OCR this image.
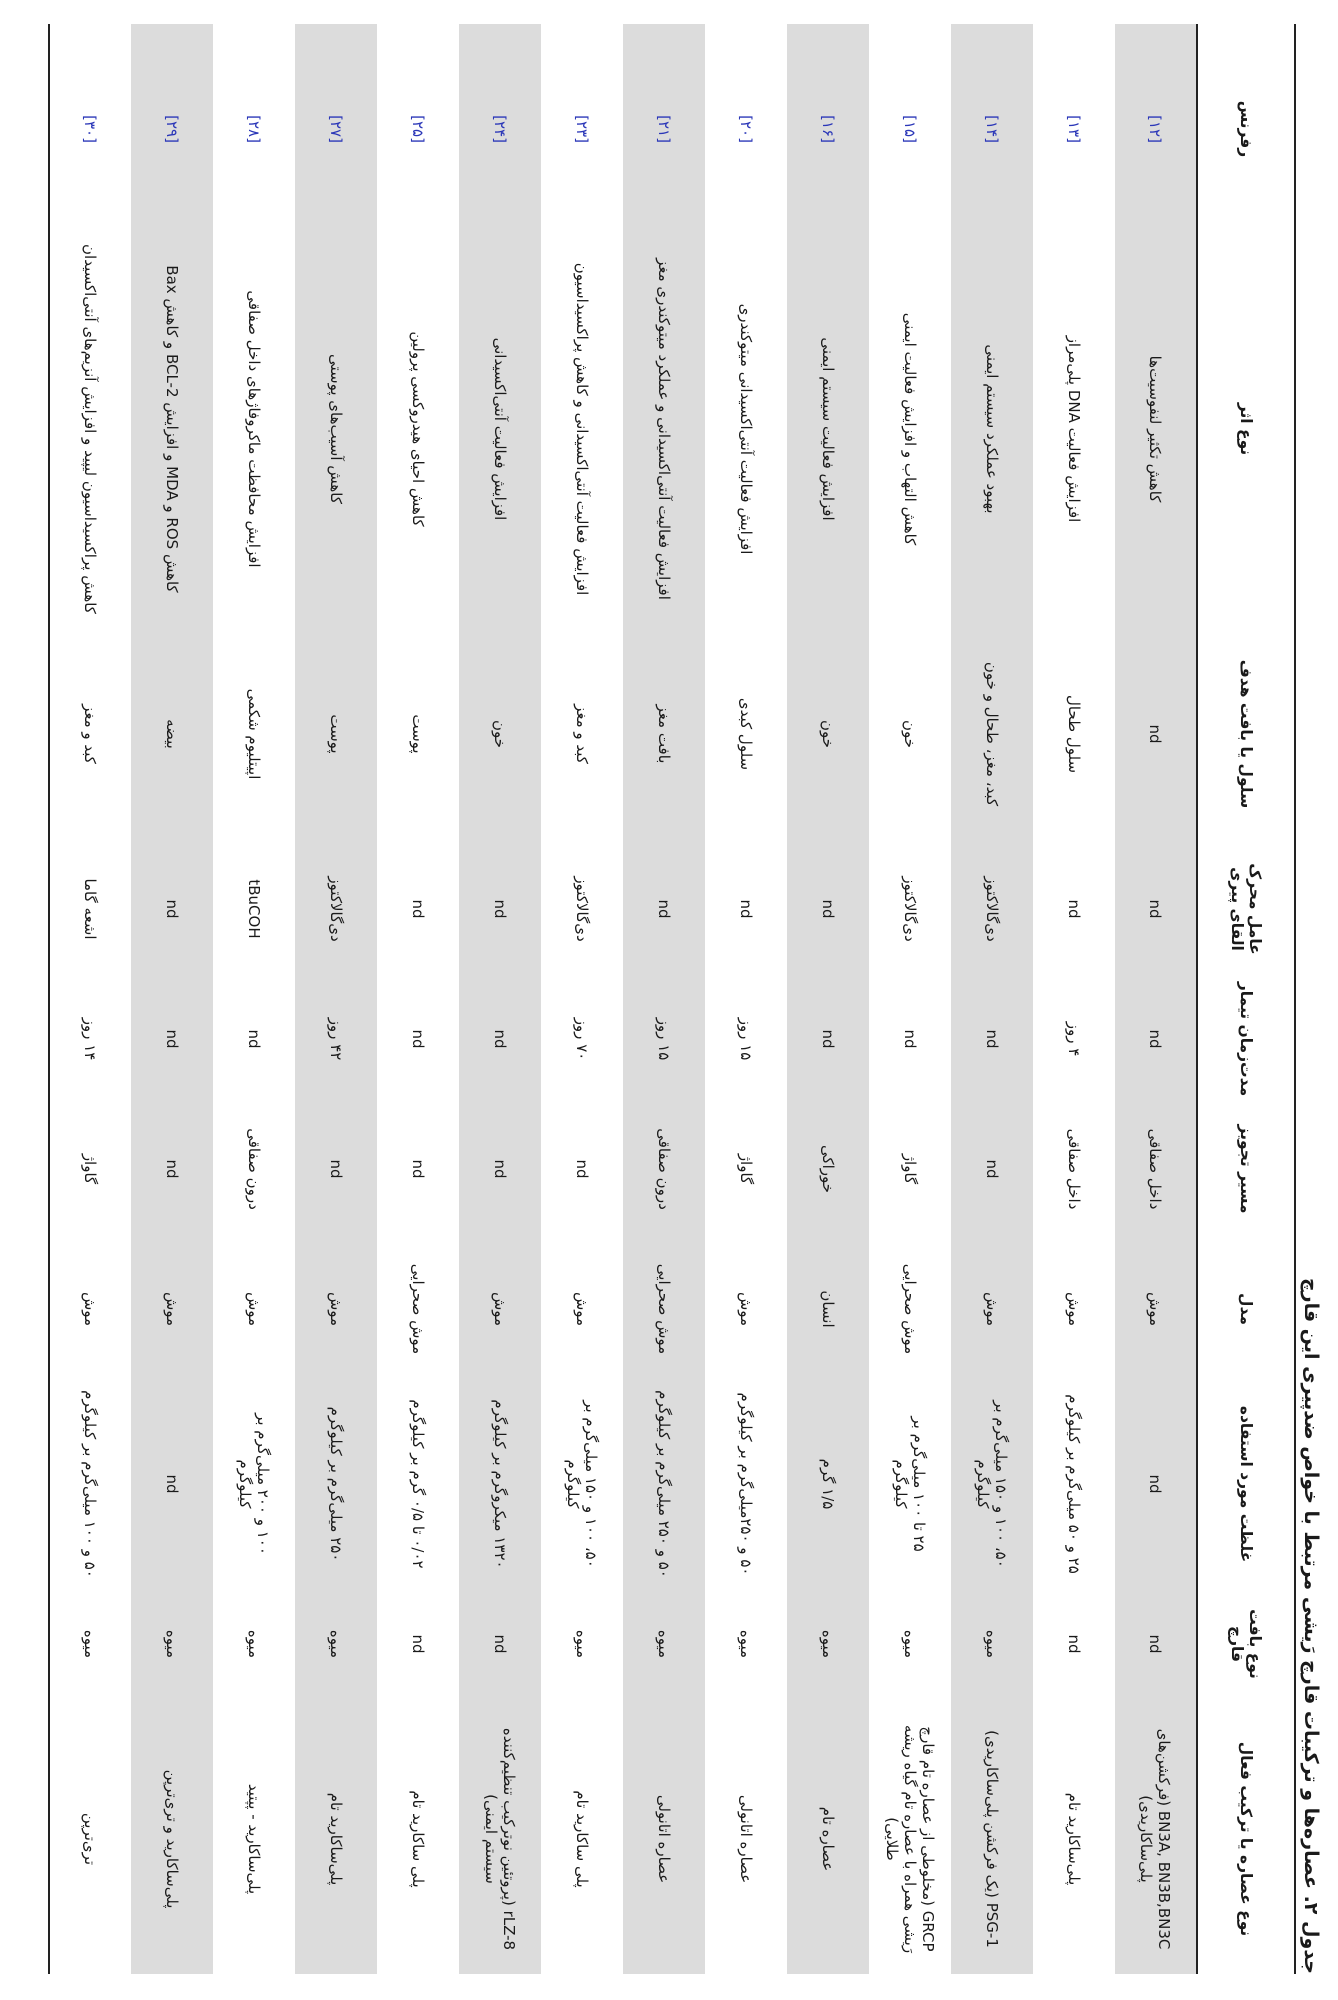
جدول ۲. عصاره‌ها و ترکیبات قارچ رَیشی مرتبط با خواص ضدپیری این قارچ
نوع عصاره یا ترکیب فعال	نوع بافت قارچ	غلظت مورد استفاده	مدل	مسیر تجویز	مدت‌زمان تیمار	عامل محرک القای پیری	سلول یا بافت هدف	نوع اثر	رفرنس
BN3A, BN3B,BN3C (فرکشن‌های پلی‌ساکاریدی)	nd	nd	موش	داخل صفاقی	nd	nd	nd	کاهش تکثیر لنفوسیت‌ها	[۱۲]
پلی‌ساکارید تام	nd	۲۵ و ۵۰ میلی‌گرم بر کیلوگرم	موش	داخل صفاقی	۴ روز	nd	سلول طحال	افزایش فعالیت DNA پلی‌مراز	[۱۳]
PSG-1 (یک فرکشن پلی‌ساکاریدی)	میوه	۵۰، ۱۰۰ و ۱۵۰ میلی‌گرم بر کیلوگرم	موش	nd	nd	دی‌گالاکتوز	کبد، مغز، طحال و خون	بهبود عملکرد سیستم ایمنی	[۱۴]
GRCP (مخلوطی از عصاره تام قارچ رَیشی همراه با عصاره تام گیاه ریشه طلایی)	میوه	۲۵ تا ۱۰۰ میلی‌گرم بر کیلوگرم	موش صحرایی	گاواژ	nd	دی‌گالاکتوز	خون	کاهش التهاب و افزایش فعالیت ایمنی	[۱۵]
عصاره تام	میوه	۱/۵ گرم	انسان	خوراکی	nd	nd	خون	افزایش فعالیت سیستم ایمنی	[۱۶]
عصاره اتانولی	میوه	۵۰ و ۲۵۰میلی‌گرم بر کیلوگرم	موش	گاواژ	۱۵ روز	nd	سلول کبدی	افزایش فعالیت آنتی‌اکسیدانی میتوکندری	[۲۰]
عصاره اتانولی	میوه	۵۰ و ۲۵۰ میلی‌گرم بر کیلوگرم	موش صحرایی	درون صفاقی	۱۵ روز	nd	بافت مغز	افزایش فعالیت آنتی‌اکسیدانی و عملکرد میتوکندری مغز	[۲۱]
پلی ساکارید تام	میوه	۵۰، ۱۰۰ و ۱۵۰ میلی‌گرم بر کیلوگرم	موش	nd	۷۰ روز	دی‌گالاکتوز	کبد و مغز	افزایش فعالیت آنتی‌اکسیدانی و کاهش پراکسیداسیون	[۲۳]
rLZ-8 (پروتئین نوترکیب تنظیم‌کننده سیستم ایمنی)	nd	۱۳۲۰ میکروگرم بر کیلوگرم	موش	nd	nd	nd	خون	افزایش فعالیت آنتی‌اکسیدانی	[۲۴]
پلی ساکارید تام	nd	۰/۰۲ تا ۰/۵ گرم بر کیلوگرم	موش صحرایی	nd	nd	nd	پوست	کاهش احیای هیدروکسی پرولین	[۲۵]
پلی‌ساکارید تام	میوه	۲۵۰ میلی‌گرم بر کیلوگرم	موش	nd	۴۲ روز	دی‌گالاکتوز	پوست	کاهش آسیب‌های پوستی	[۲۷]
پلی‌ساکارید - پپتید	میوه	۱۰۰ و ۲۰۰ میلی‌گرم بر کیلوگرم	موش	درون صفاقی	nd	tBuCOH	اپیتلیوم شکمی	افزایش محافظت ماکروفاژهای داخل صفاقی	[۲۸]
پلی‌ساکارید و تری‌ترپن	میوه	nd	موش	nd	nd	nd	بیضه	کاهش ROS و MDA و افزایش BCL-2 و کاهش Bax	[۲۹]
تری‌ترپن	میوه	۵۰ و ۱۰۰ میلی‌گرم بر کیلوگرم	موش	گاواژ	۱۴ روز	اشعه گاما	کبد و مغز	کاهش پراکسیداسیون لیپید و افزایش آنزیم‌های آنتی‌اکسیدان	[۳۰]
